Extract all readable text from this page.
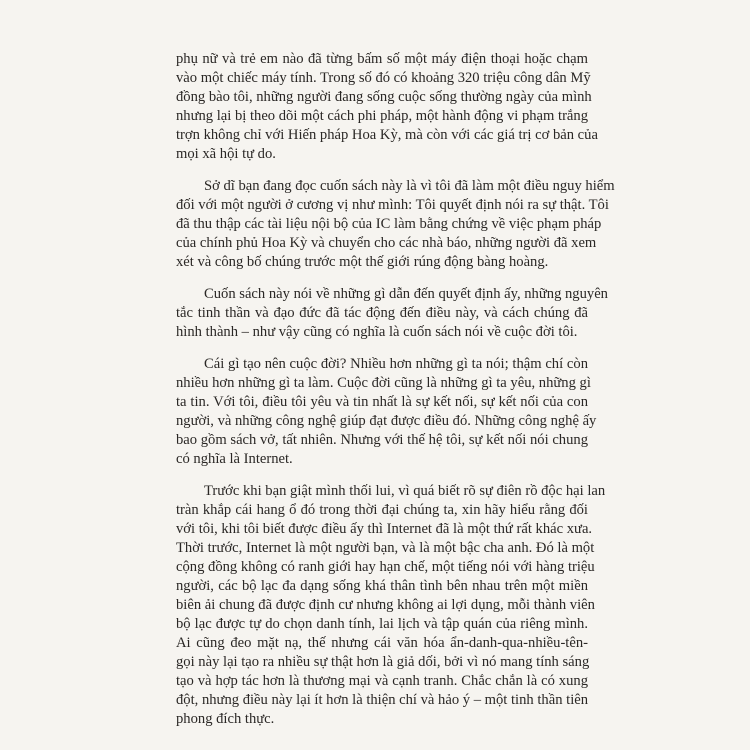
phụ nữ và trẻ em nào đã từng bấm số một máy điện thoại hoặc chạm
vào một chiếc máy tính. Trong số đó có khoảng 320 triệu công dân Mỹ
đồng bào tôi, những người đang sống cuộc sống thường ngày của mình
nhưng lại bị theo dõi một cách phi pháp, một hành động vi phạm trắng
trợn không chỉ với Hiến pháp Hoa Kỳ, mà còn với các giá trị cơ bản của
mọi xã hội tự do.

Sở dĩ bạn đang đọc cuốn sách này là vì tôi đã làm một điều nguy hiểm
đối với một người ở cương vị như mình: Tôi quyết định nói ra sự thật. Tôi
đã thu thập các tài liệu nội bộ của IC làm bằng chứng về việc phạm pháp
của chính phủ Hoa Kỳ và chuyển cho các nhà báo, những người đã xem
xét và công bố chúng trước một thế giới rúng động bàng hoàng.

Cuốn sách này nói về những gì dẫn đến quyết định ấy, những nguyên
tắc tinh thần và đạo đức đã tác động đến điều này, và cách chúng đã
hình thành – như vậy cũng có nghĩa là cuốn sách nói về cuộc đời tôi.

Cái gì tạo nên cuộc đời? Nhiều hơn những gì ta nói; thậm chí còn
nhiều hơn những gì ta làm. Cuộc đời cũng là những gì ta yêu, những gì
ta tin. Với tôi, điều tôi yêu và tin nhất là sự kết nối, sự kết nối của con
người, và những công nghệ giúp đạt được điều đó. Những công nghệ ấy
bao gồm sách vở, tất nhiên. Nhưng với thế hệ tôi, sự kết nối nói chung
có nghĩa là Internet.

Trước khi bạn giật mình thối lui, vì quá biết rõ sự điên rồ độc hại lan
tràn khắp cái hang ổ đó trong thời đại chúng ta, xin hãy hiểu rằng đối
với tôi, khi tôi biết được điều ấy thì Internet đã là một thứ rất khác xưa.
Thời trước, Internet là một người bạn, và là một bậc cha anh. Đó là một
cộng đồng không có ranh giới hay hạn chế, một tiếng nói với hàng triệu
người, các bộ lạc đa dạng sống khá thân tình bên nhau trên một miền
biên ải chung đã được định cư nhưng không ai lợi dụng, mỗi thành viên
bộ lạc được tự do chọn danh tính, lai lịch và tập quán của riêng mình.
Ai cũng đeo mặt nạ, thế nhưng cái văn hóa ẩn-danh-qua-nhiều-tên-
gọi này lại tạo ra nhiều sự thật hơn là giả dối, bởi vì nó mang tính sáng
tạo và hợp tác hơn là thương mại và cạnh tranh. Chắc chắn là có xung
đột, nhưng điều này lại ít hơn là thiện chí và hảo ý – một tinh thần tiên
phong đích thực.
